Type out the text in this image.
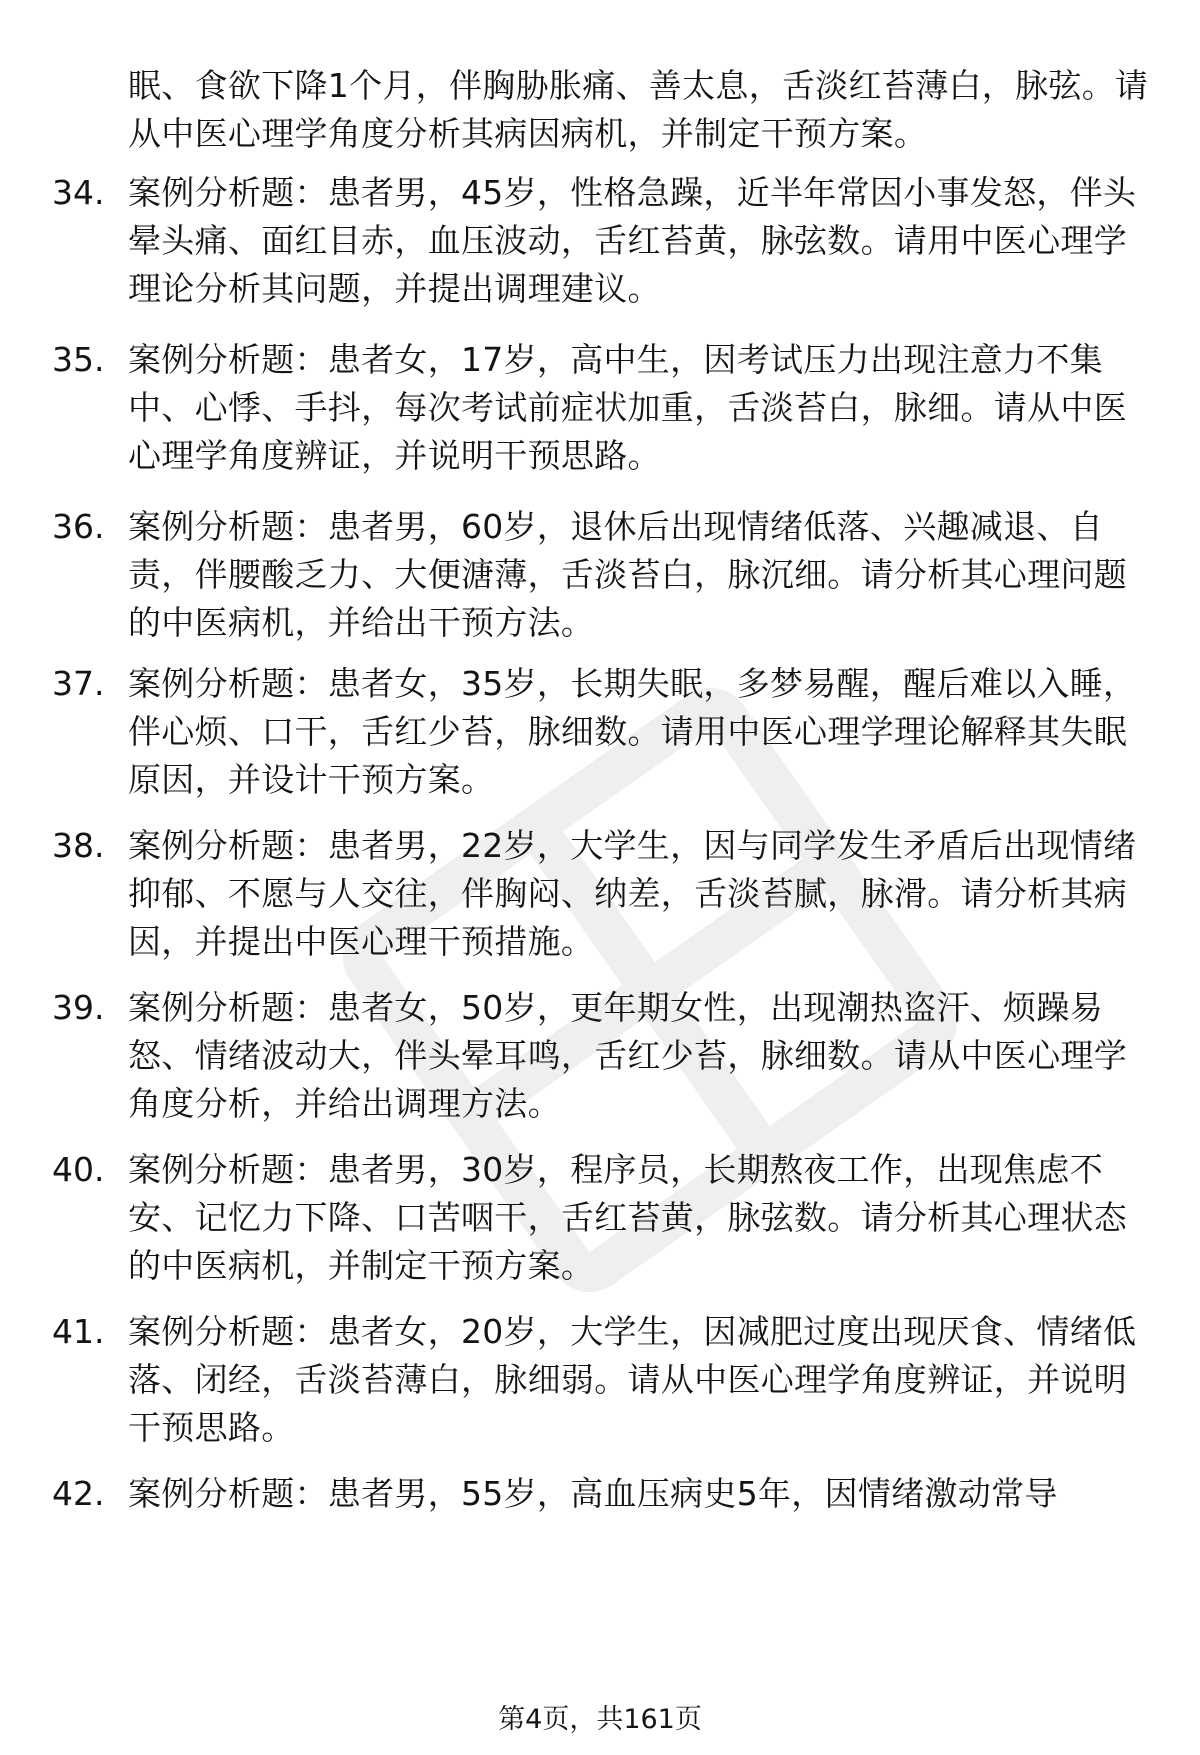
眠、食欲下降1个月，伴胸胁胀痛、善太息，舌淡红苔薄白，脉弦。请从中医心理学角度分析其病因病机，并制定干预方案。

34. 案例分析题：患者男，45岁，性格急躁，近半年常因小事发怒，伴头晕头痛、面红目赤，血压波动，舌红苔黄，脉弦数。请用中医心理学理论分析其问题，并提出调理建议。

35. 案例分析题：患者女，17岁，高中生，因考试压力出现注意力不集中、心悸、手抖，每次考试前症状加重，舌淡苔白，脉细。请从中医心理学角度辨证，并说明干预思路。

36. 案例分析题：患者男，60岁，退休后出现情绪低落、兴趣减退、自责，伴腰酸乏力、大便溏薄，舌淡苔白，脉沉细。请分析其心理问题的中医病机，并给出干预方法。

37. 案例分析题：患者女，35岁，长期失眠，多梦易醒，醒后难以入睡，伴心烦、口干，舌红少苔，脉细数。请用中医心理学理论解释其失眠原因，并设计干预方案。

38. 案例分析题：患者男，22岁，大学生，因与同学发生矛盾后出现情绪抑郁、不愿与人交往，伴胸闷、纳差，舌淡苔腻，脉滑。请分析其病因，并提出中医心理干预措施。

39. 案例分析题：患者女，50岁，更年期女性，出现潮热盗汗、烦躁易怒、情绪波动大，伴头晕耳鸣，舌红少苔，脉细数。请从中医心理学角度分析，并给出调理方法。

40. 案例分析题：患者男，30岁，程序员，长期熬夜工作，出现焦虑不安、记忆力下降、口苦咽干，舌红苔黄，脉弦数。请分析其心理状态的中医病机，并制定干预方案。

41. 案例分析题：患者女，20岁，大学生，因减肥过度出现厌食、情绪低落、闭经，舌淡苔薄白，脉细弱。请从中医心理学角度辨证，并说明干预思路。

42. 案例分析题：患者男，55岁，高血压病史5年，因情绪激动常导

第4页，共161页
